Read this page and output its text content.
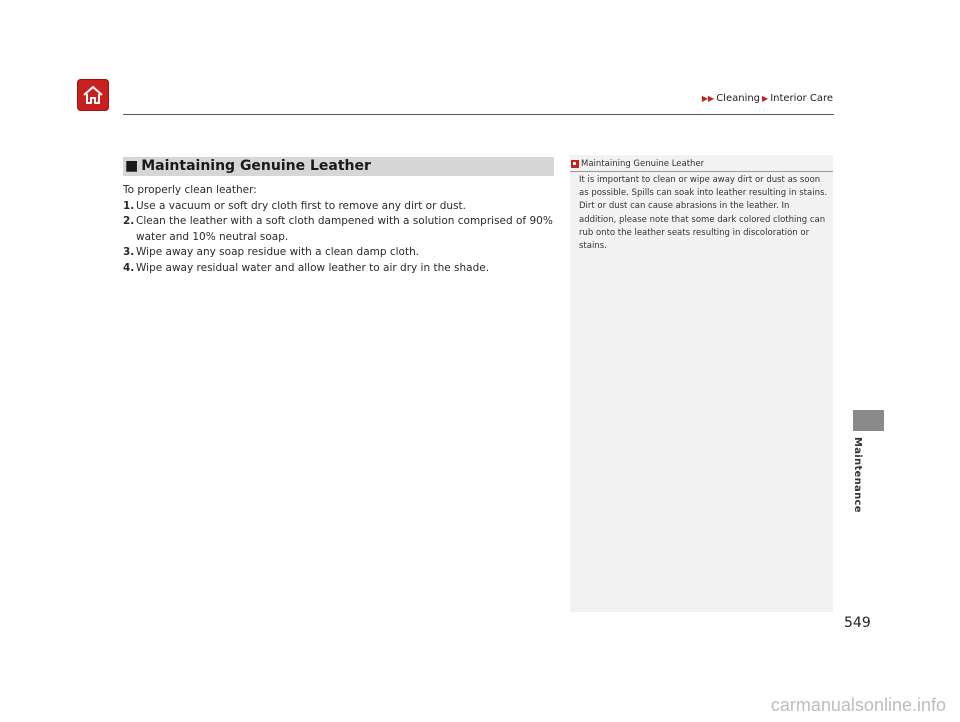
▶▶ Cleaning ▶ Interior Care
■ Maintaining Genuine Leather

To properly clean leather:

1. Use a vacuum or soft dry cloth first to remove any dirt or dust.
2. Clean the leather with a soft cloth dampened with a solution comprised of 90% water and 10% neutral soap.
3. Wipe away any soap residue with a clean damp cloth.
4. Wipe away residual water and allow leather to air dry in the shade.
Maintaining Genuine Leather
It is important to clean or wipe away dirt or dust as soon as possible. Spills can soak into leather resulting in stains. Dirt or dust can cause abrasions in the leather. In addition, please note that some dark colored clothing can rub onto the leather seats resulting in discoloration or stains.
Maintenance
549
carmanualsonline.info
